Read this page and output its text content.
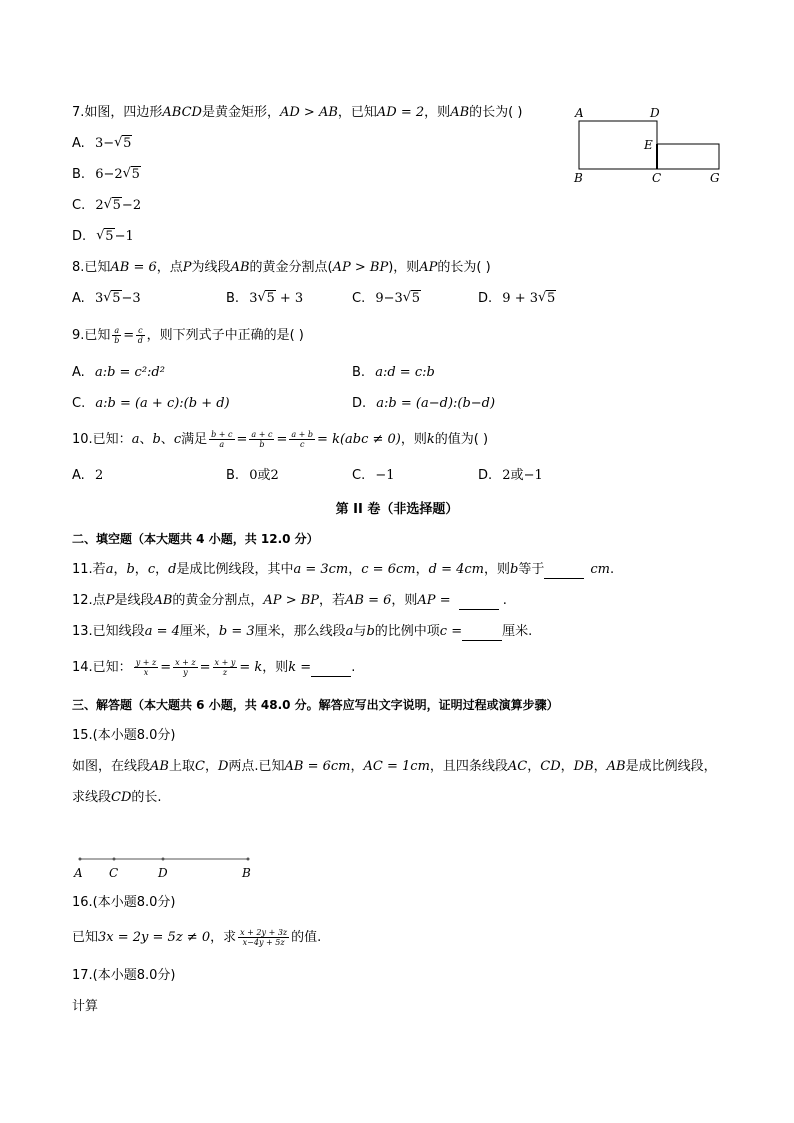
7.如图，四边形ABCD是黄金矩形，AD > AB，已知AD = 2，则AB的长为( )
A. 3− √ 5
B. 6−2 √ 5
C. 2 √ 5−2
D. √ 5−1
A	D
E
B	C	G
8.已知AB = 6，点P为线段AB的黄金分割点(AP > BP)，则AP的长为( )
A. 3 √ 5−3	B. 3 √ 5 + 3	C. 9−3 √ 5	D. 9 + 3 √ 5
9.已知 $\frac{a}{b} = \frac{c}{d}$ ，则下列式子中正确的是( )
A. a:b = c²:d²	B. a:d = c:b
C. a:b = (a + c):(b + d)	D. a:b = (a−d):(b−d)
10.已知：a、b、c满足 $\frac{b + c}{a} = \frac{a + c}{b} = \frac{a + b}{c} = k(abc \ne 0)$，则k的值为( )
A. 2	B. 0或2	C. −1	D. 2或−1
第 II 卷（非选择题）
二、填空题（本大题共 4 小题，共 12.0 分）
11.若a，b，c，d是成比例线段，其中a = 3cm，c = 6cm，d = 4cm，则b等于	cm.
12.点P是线段AB的黄金分割点，AP > BP，若AB = 6，则AP =	.
13.已知线段a = 4厘米，b = 3厘米，那么线段a与b的比例中项c =	厘米.
14.已知： $\frac{y + z}{x} = \frac{x + z}{y} = \frac{x + y}{z} = k$，则k =	.
三、解答题（本大题共 6 小题，共 48.0 分。解答应写出文字说明，证明过程或演算步骤）
15.(本小题8.0分)
如图，在线段AB上取C，D两点.已知AB = 6cm，AC = 1cm，且四条线段AC，CD，DB，AB是成比例线段，
求线段CD的长.
A C	D	B
16.(本小题8.0分)
已知3x = 2y = 5z ≠ 0，求 $\frac{x + 2y + 3z}{x-4y + 5z}$ 的值.
17.(本小题8.0分)
计算
